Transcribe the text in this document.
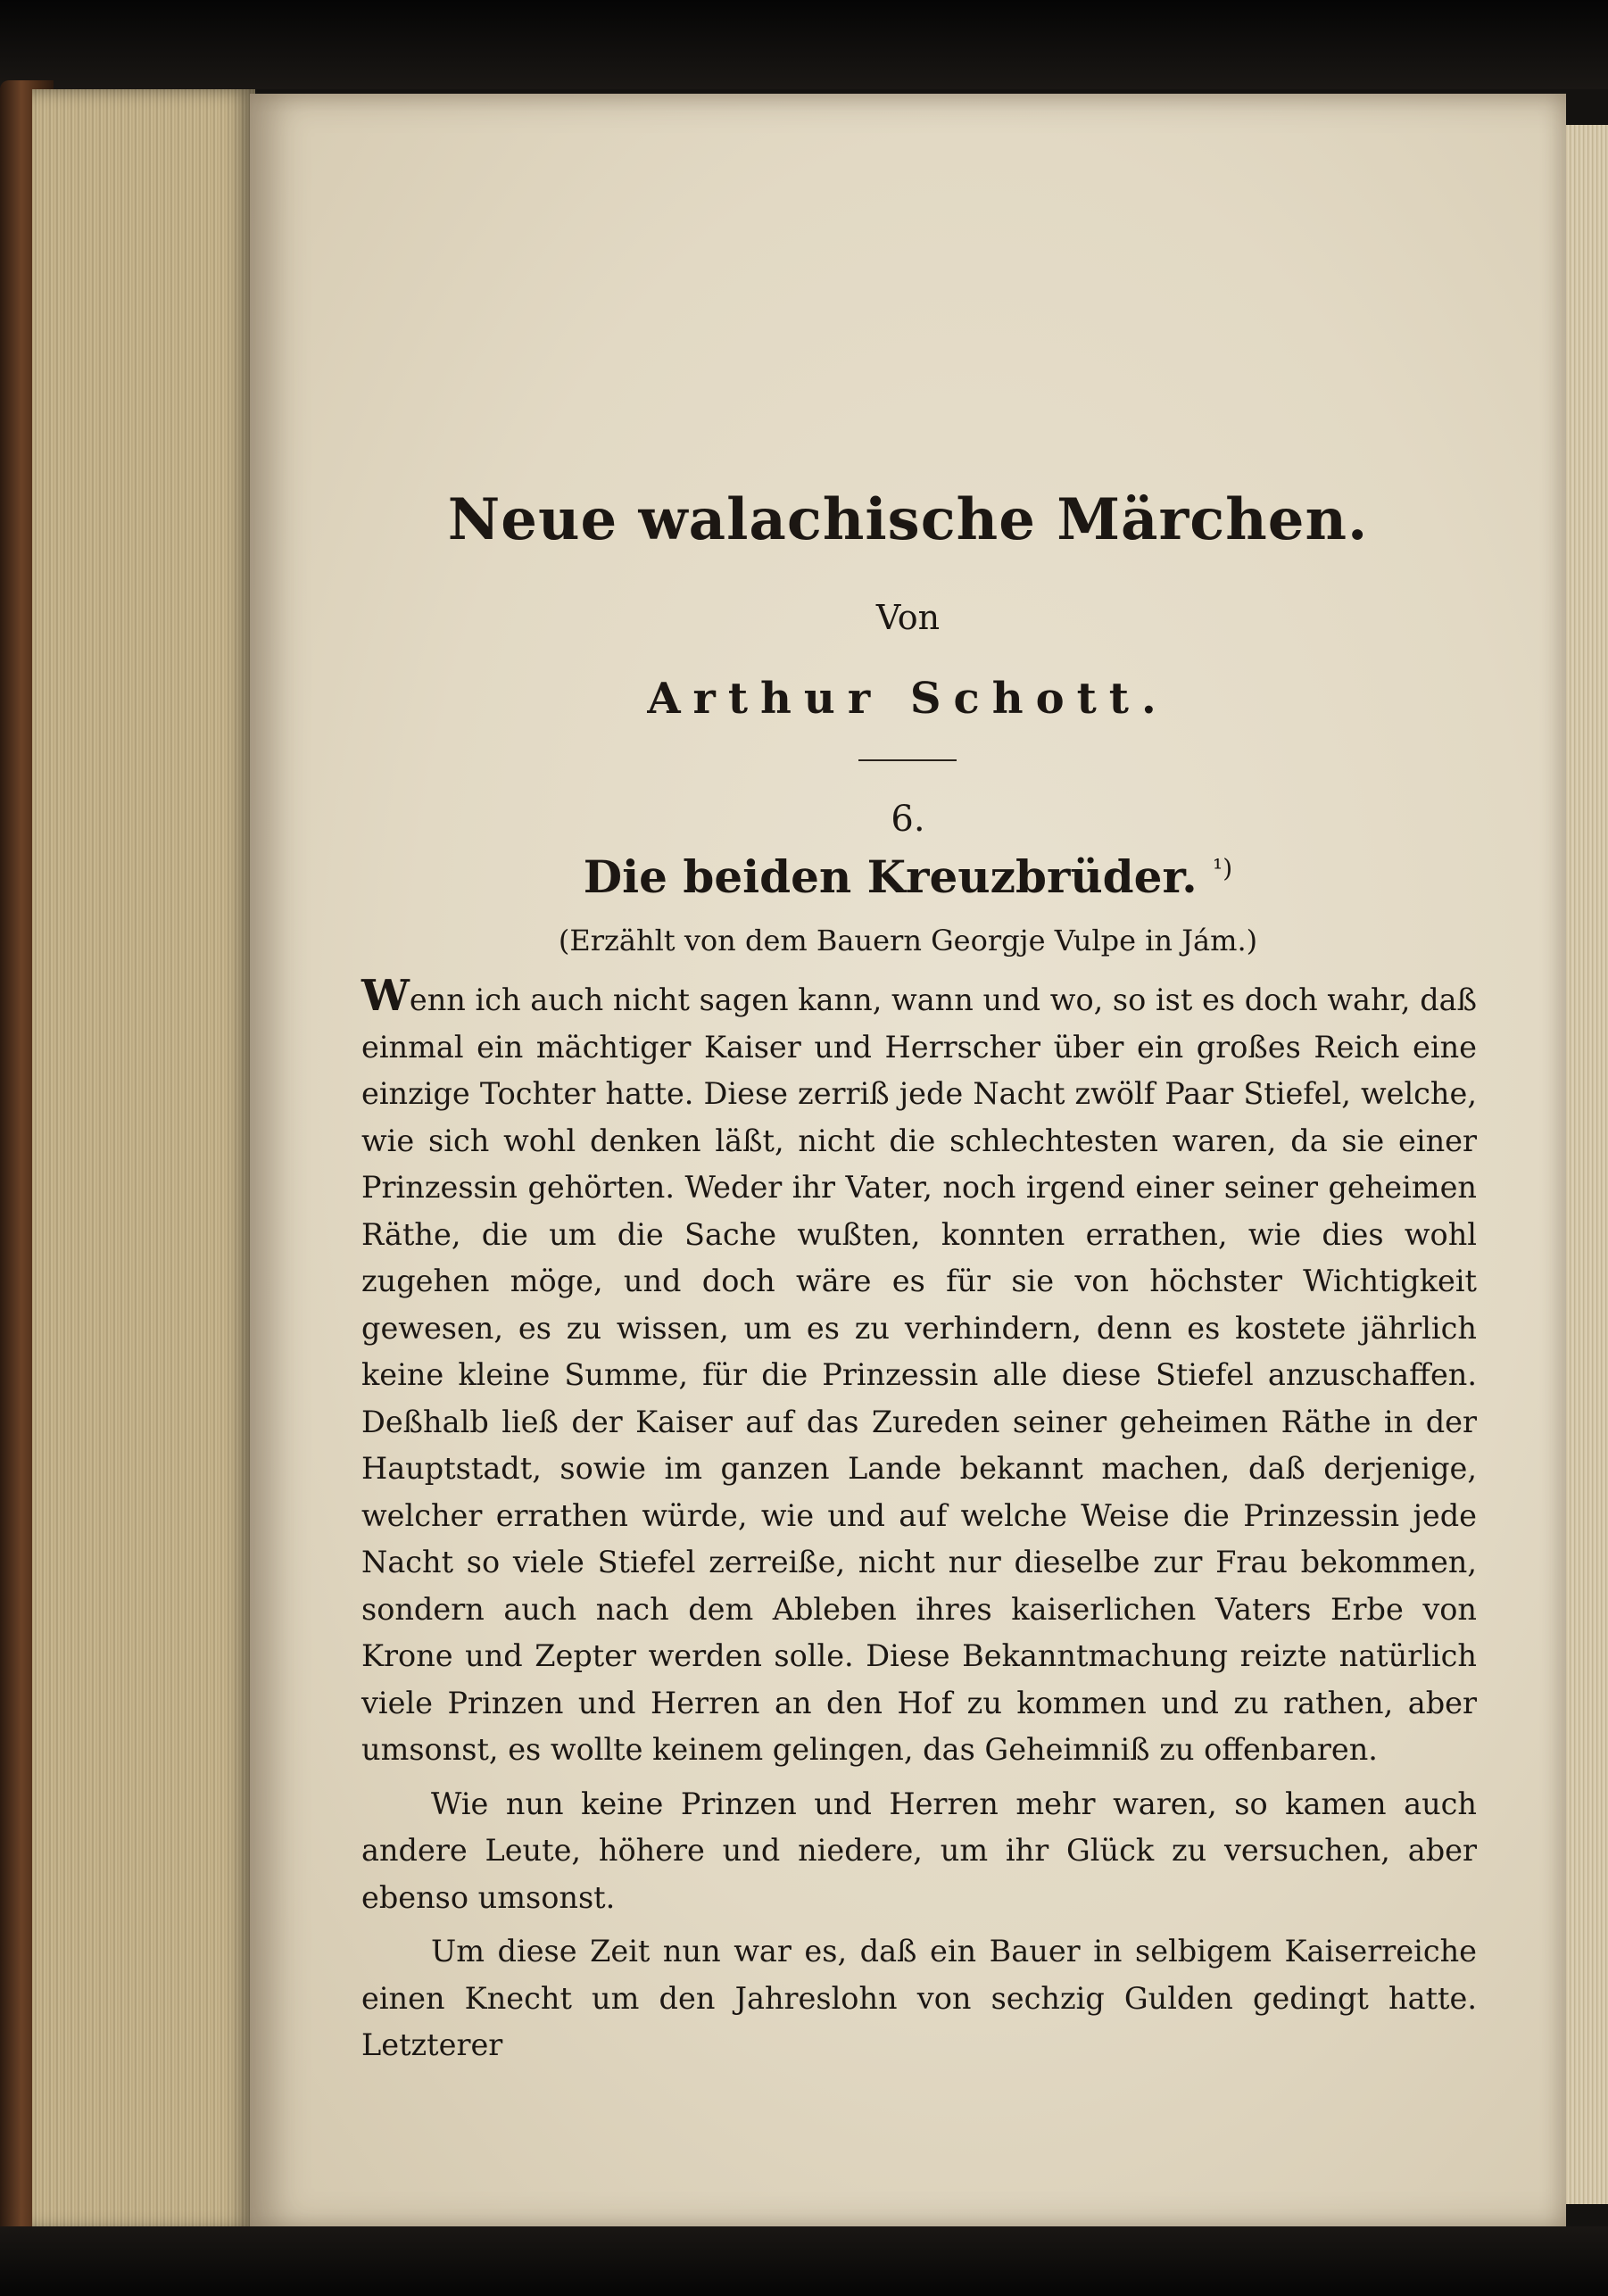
Neue walachische Märchen.
Von
Arthur Schott.
6.
Die beiden Kreuzbrüder. $^{^1)}$
(Erzählt von dem Bauern Georgje Vulpe in Jám.)

Wenn ich auch nicht sagen kann, wann und wo, so ist es doch wahr, daß einmal ein mächtiger Kaiser und Herrscher über ein großes Reich eine einzige Tochter hatte. Diese zerriß jede Nacht zwölf Paar Stiefel, welche, wie sich wohl denken läßt, nicht die schlechtesten waren, da sie einer Prinzessin gehörten. Weder ihr Vater, noch irgend einer seiner geheimen Räthe, die um die Sache wußten, konnten errathen, wie dies wohl zugehen möge, und doch wäre es für sie von höchster Wichtigkeit gewesen, es zu wissen, um es zu verhindern, denn es kostete jährlich keine kleine Summe, für die Prinzessin alle diese Stiefel anzuschaffen. Deßhalb ließ der Kaiser auf das Zureden seiner geheimen Räthe in der Hauptstadt, sowie im ganzen Lande bekannt machen, daß derjenige, welcher errathen würde, wie und auf welche Weise die Prinzessin jede Nacht so viele Stiefel zerreiße, nicht nur dieselbe zur Frau bekommen, sondern auch nach dem Ableben ihres kaiserlichen Vaters Erbe von Krone und Zepter werden solle. Diese Bekanntmachung reizte natürlich viele Prinzen und Herren an den Hof zu kommen und zu rathen, aber umsonst, es wollte keinem gelingen, das Geheimniß zu offenbaren.

Wie nun keine Prinzen und Herren mehr waren, so kamen auch andere Leute, höhere und niedere, um ihr Glück zu versuchen, aber ebenso umsonst.

Um diese Zeit nun war es, daß ein Bauer in selbigem Kaiserreiche einen Knecht um den Jahreslohn von sechzig Gulden gedingt hatte. Letzterer
